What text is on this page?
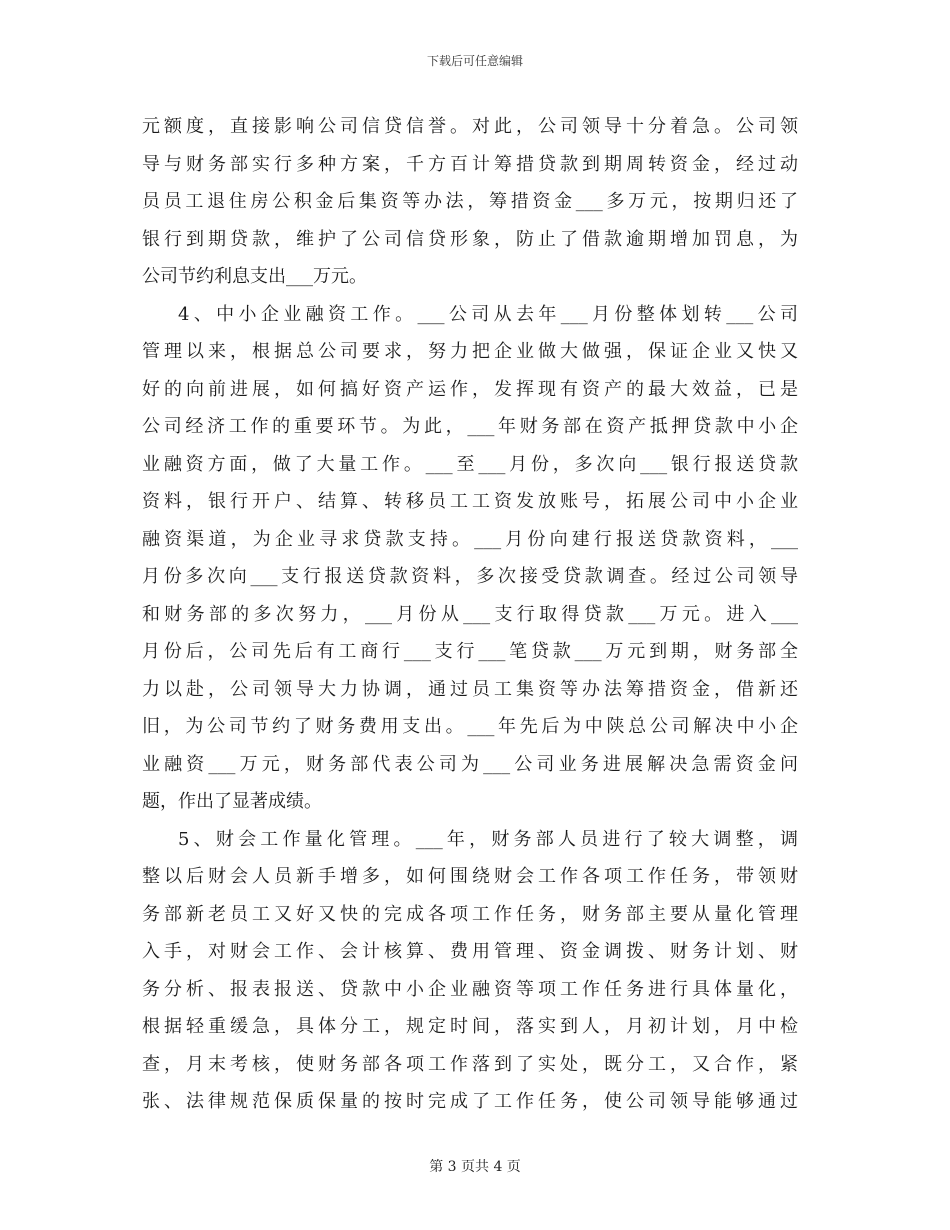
下载后可任意编辑
元额度，直接影响公司信贷信誉。对此，公司领导十分着急。公司领
导与财务部实行多种方案，千方百计筹措贷款到期周转资金，经过动
员员工退住房公积金后集资等办法，筹措资金___多万元，按期归还了
银行到期贷款，维护了公司信贷形象，防止了借款逾期增加罚息，为
公司节约利息支出___万元。
4、中小企业融资工作。___公司从去年___月份整体划转___公司
管理以来，根据总公司要求，努力把企业做大做强，保证企业又快又
好的向前进展，如何搞好资产运作，发挥现有资产的最大效益，已是
公司经济工作的重要环节。为此，___年财务部在资产抵押贷款中小企
业融资方面，做了大量工作。___至___月份，多次向___银行报送贷款
资料，银行开户、结算、转移员工工资发放账号，拓展公司中小企业
融资渠道，为企业寻求贷款支持。___月份向建行报送贷款资料，___
月份多次向___支行报送贷款资料，多次接受贷款调查。经过公司领导
和财务部的多次努力，___月份从___支行取得贷款___万元。进入___
月份后，公司先后有工商行___支行___笔贷款___万元到期，财务部全
力以赴，公司领导大力协调，通过员工集资等办法筹措资金，借新还
旧，为公司节约了财务费用支出。___年先后为中陕总公司解决中小企
业融资___万元，财务部代表公司为___公司业务进展解决急需资金问
题，作出了显著成绩。
5、财会工作量化管理。___年，财务部人员进行了较大调整，调
整以后财会人员新手增多，如何围绕财会工作各项工作任务，带领财
务部新老员工又好又快的完成各项工作任务，财务部主要从量化管理
入手，对财会工作、会计核算、费用管理、资金调拨、财务计划、财
务分析、报表报送、贷款中小企业融资等项工作任务进行具体量化，
根据轻重缓急，具体分工，规定时间，落实到人，月初计划，月中检
查，月末考核，使财务部各项工作落到了实处，既分工，又合作，紧
张、法律规范保质保量的按时完成了工作任务，使公司领导能够通过
第 3 页共 4 页
